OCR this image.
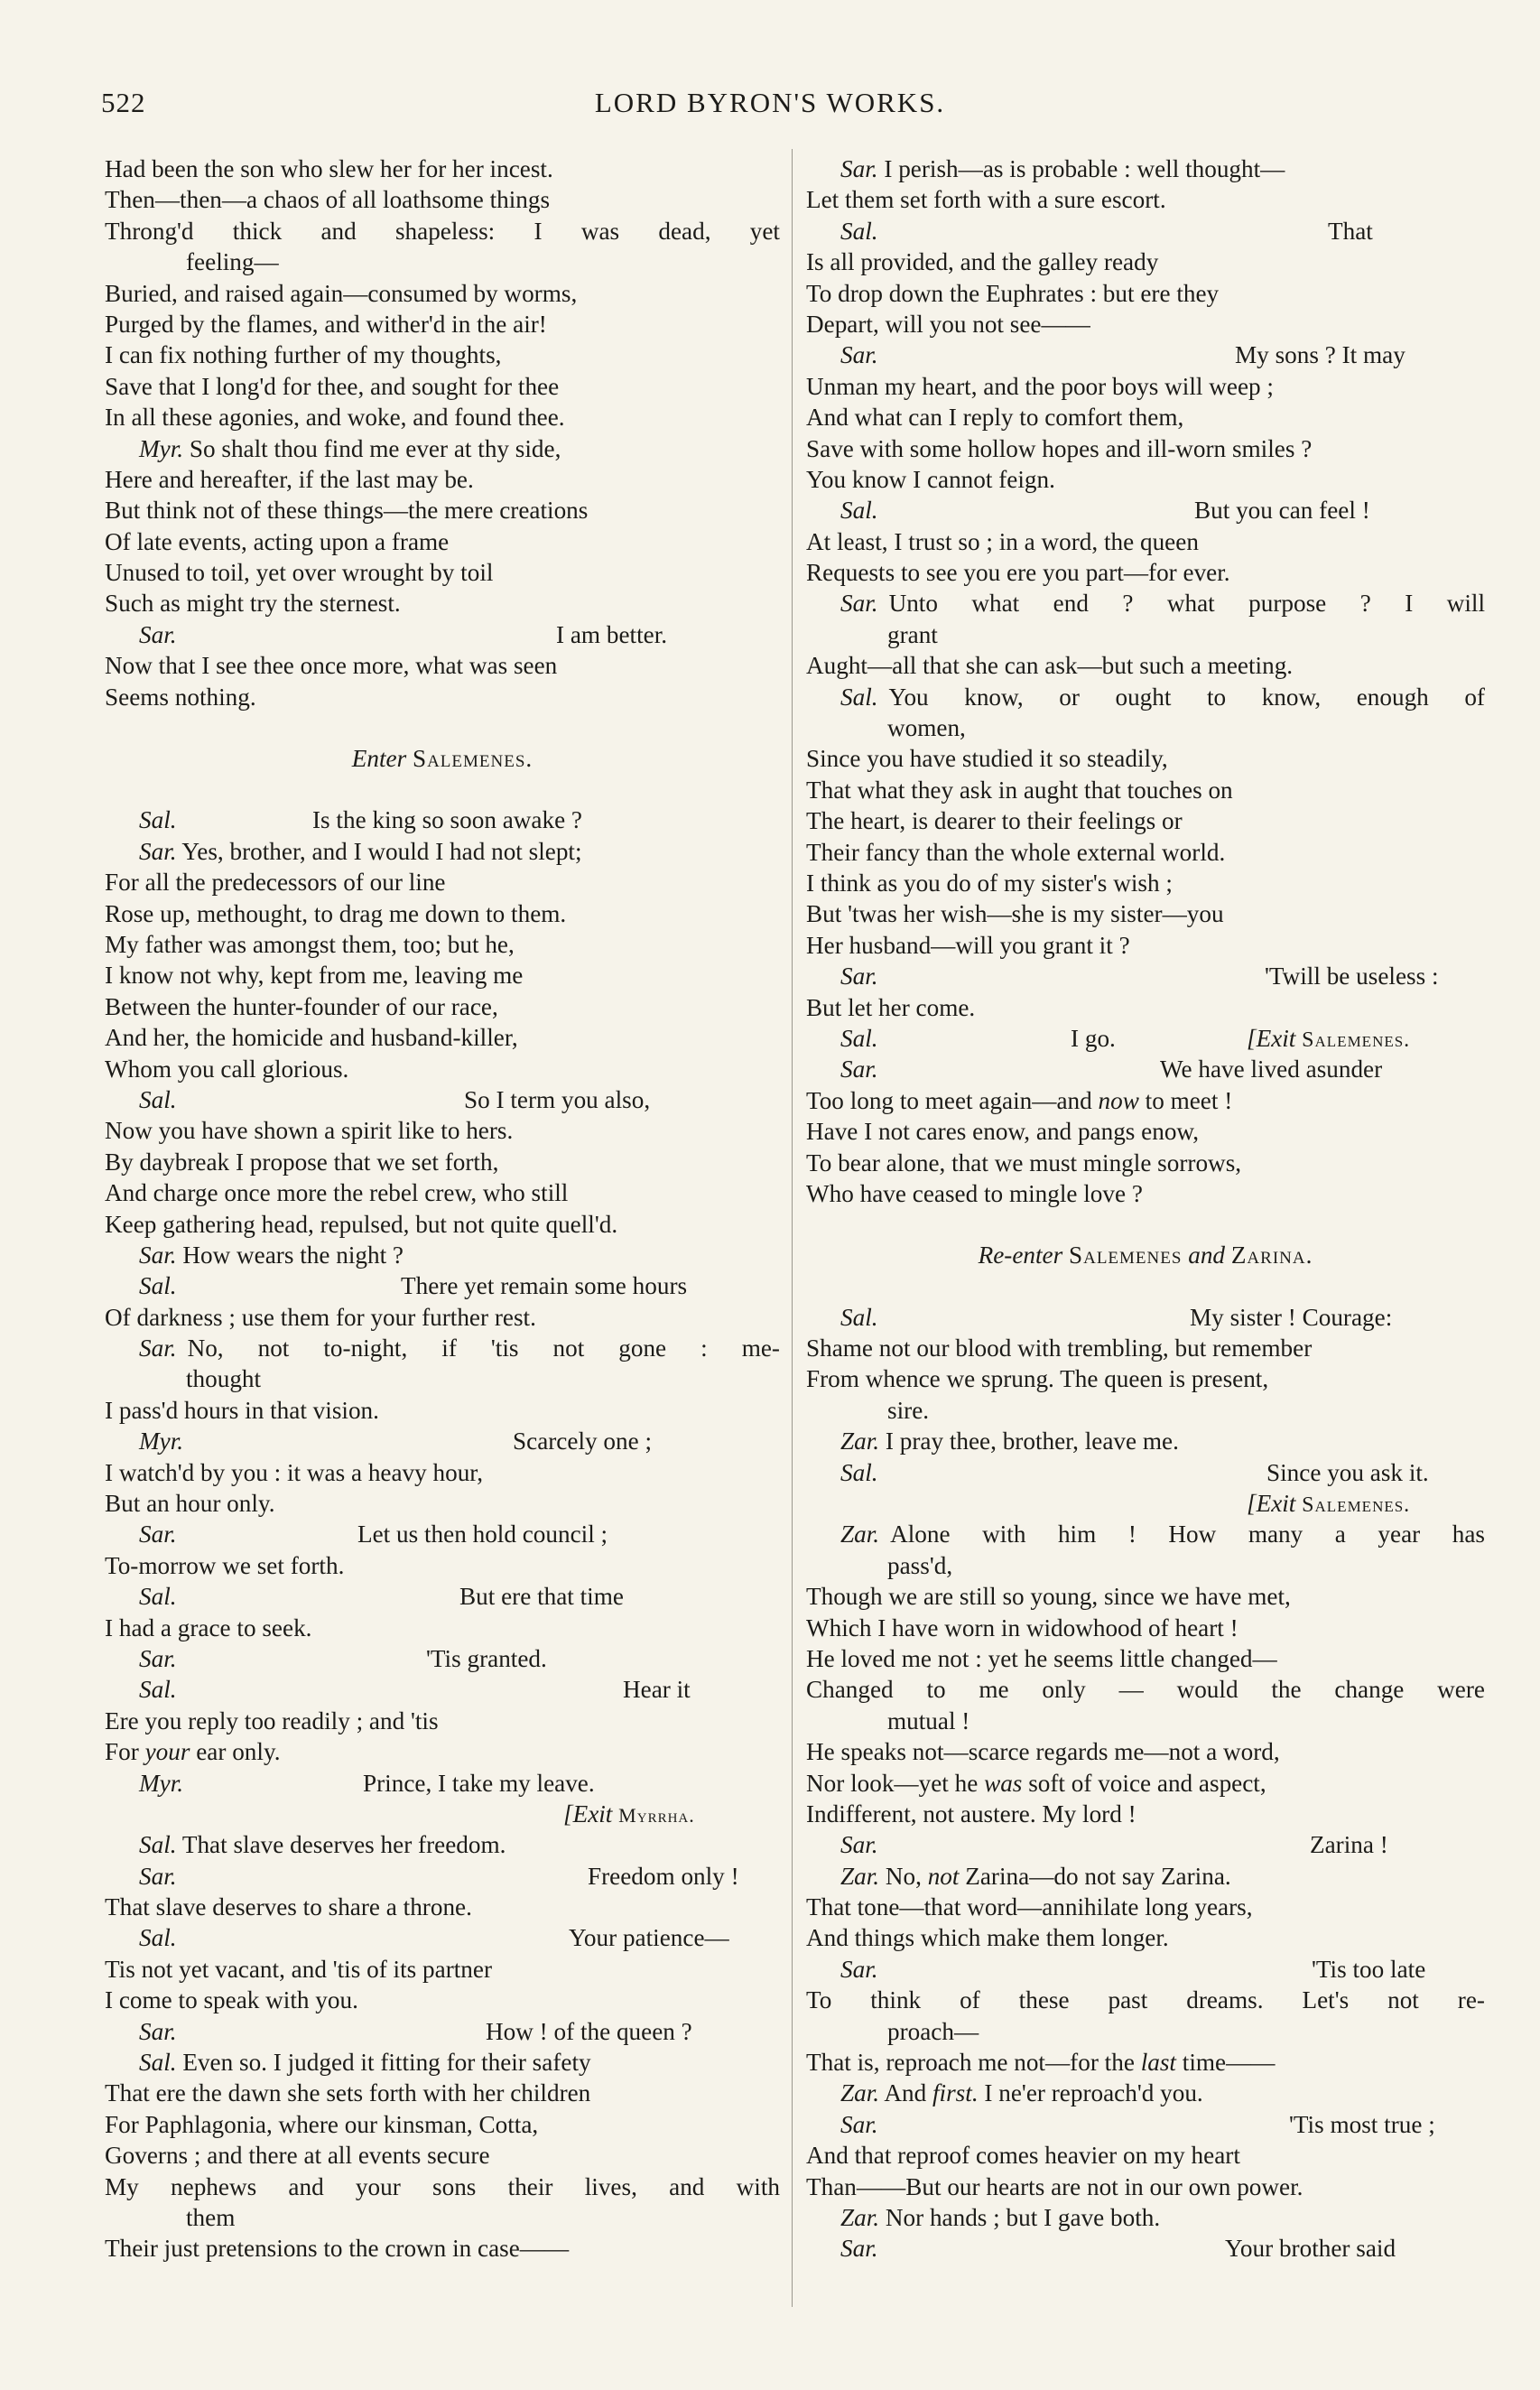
522	LORD BYRON'S WORKS.
Had been the son who slew her for her incest.
Then—then—a chaos of all loathsome things
Throng'd thick and shapeless: I was dead, yet
feeling—
Buried, and raised again—consumed by worms,
Purged by the flames, and wither'd in the air!
I can fix nothing further of my thoughts,
Save that I long'd for thee, and sought for thee
In all these agonies, and woke, and found thee.
Myr. So shalt thou find me ever at thy side,
Here and hereafter, if the last may be.
But think not of these things—the mere creations
Of late events, acting upon a frame
Unused to toil, yet over wrought by toil
Such as might try the sternest.
Sar.	I am better.
Now that I see thee once more, what was seen
Seems nothing.
Enter Salemenes.
Sal.	Is the king so soon awake ?
Sar. Yes, brother, and I would I had not slept;
For all the predecessors of our line
Rose up, methought, to drag me down to them.
My father was amongst them, too; but he,
I know not why, kept from me, leaving me
Between the hunter-founder of our race,
And her, the homicide and husband-killer,
Whom you call glorious.
Sal.	So I term you also,
Now you have shown a spirit like to hers.
By daybreak I propose that we set forth,
And charge once more the rebel crew, who still
Keep gathering head, repulsed, but not quite quell'd.
Sar. How wears the night ?
Sal.	There yet remain some hours
Of darkness ; use them for your further rest.
Sar. No, not to-night, if 'tis not gone : me-
thought
I pass'd hours in that vision.
Myr.	Scarcely one ;
I watch'd by you : it was a heavy hour,
But an hour only.
Sar.	Let us then hold council ;
To-morrow we set forth.
Sal.	But ere that time
I had a grace to seek.
Sar.	'Tis granted.
Sal.	Hear it
Ere you reply too readily ; and 'tis
For your ear only.
Myr.	Prince, I take my leave.
[Exit Myrrha.
Sal. That slave deserves her freedom.
Sar.	Freedom only !
That slave deserves to share a throne.
Sal.	Your patience—
Tis not yet vacant, and 'tis of its partner
I come to speak with you.
Sar.	How ! of the queen ?
Sal. Even so. I judged it fitting for their safety
That ere the dawn she sets forth with her children
For Paphlagonia, where our kinsman, Cotta,
Governs ; and there at all events secure
My nephews and your sons their lives, and with
them
Their just pretensions to the crown in case——
Sar. I perish—as is probable : well thought—
Let them set forth with a sure escort.
Sal.	That
Is all provided, and the galley ready
To drop down the Euphrates : but ere they
Depart, will you not see——
Sar.	My sons ? It may
Unman my heart, and the poor boys will weep ;
And what can I reply to comfort them,
Save with some hollow hopes and ill-worn smiles ?
You know I cannot feign.
Sal.	But you can feel !
At least, I trust so ; in a word, the queen
Requests to see you ere you part—for ever.
Sar. Unto what end ? what purpose ? I will
grant
Aught—all that she can ask—but such a meeting.
Sal. You know, or ought to know, enough of
women,
Since you have studied it so steadily,
That what they ask in aught that touches on
The heart, is dearer to their feelings or
Their fancy than the whole external world.
I think as you do of my sister's wish ;
But 'twas her wish—she is my sister—you
Her husband—will you grant it ?
Sar.	'Twill be useless :
But let her come.
Sal.	I go.	[Exit Salemenes.
Sar.	We have lived asunder
Too long to meet again—and now to meet !
Have I not cares enow, and pangs enow,
To bear alone, that we must mingle sorrows,
Who have ceased to mingle love ?
Re-enter Salemenes and Zarina.
Sal.	My sister ! Courage:
Shame not our blood with trembling, but remember
From whence we sprung. The queen is present,
sire.
Zar. I pray thee, brother, leave me.
Sal.	Since you ask it.
[Exit Salemenes.
Zar. Alone with him ! How many a year has
pass'd,
Though we are still so young, since we have met,
Which I have worn in widowhood of heart !
He loved me not : yet he seems little changed—
Changed to me only — would the change were
mutual !
He speaks not—scarce regards me—not a word,
Nor look—yet he was soft of voice and aspect,
Indifferent, not austere. My lord !
Sar.	Zarina !
Zar. No, not Zarina—do not say Zarina.
That tone—that word—annihilate long years,
And things which make them longer.
Sar.	'Tis too late
To think of these past dreams. Let's not re-
proach—
That is, reproach me not—for the last time——
Zar. And first. I ne'er reproach'd you.
Sar.	'Tis most true ;
And that reproof comes heavier on my heart
Than——But our hearts are not in our own power.
Zar. Nor hands ; but I gave both.
Sar.	Your brother said
